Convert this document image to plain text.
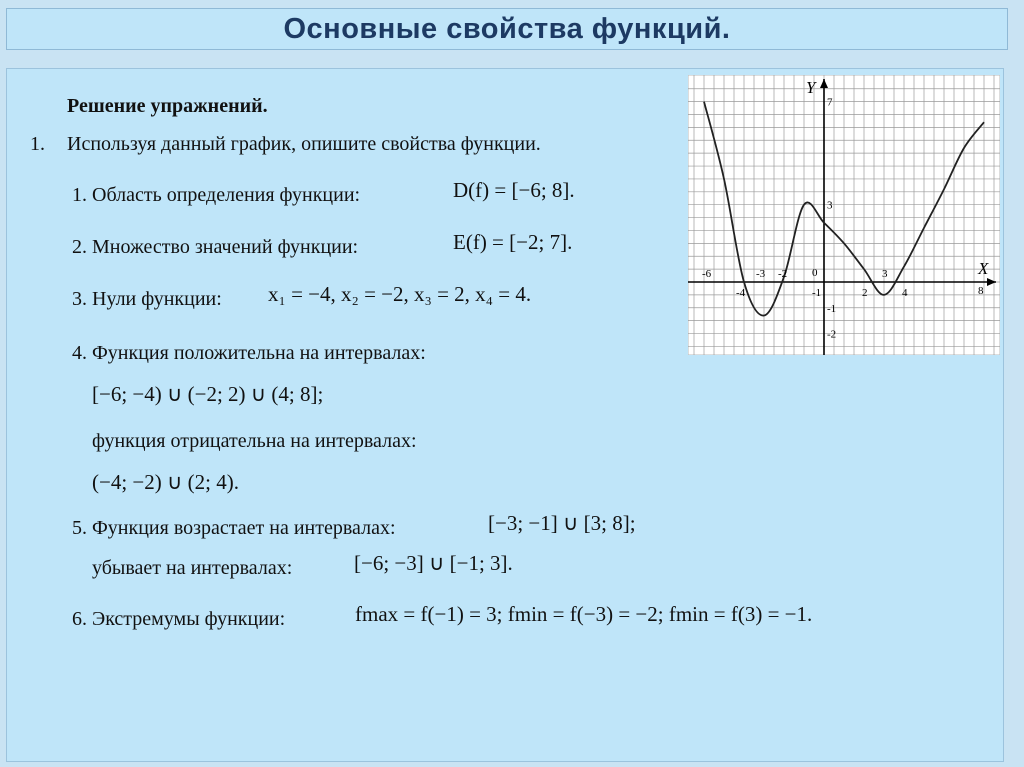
Основные свойства функций.
Решение упражнений.
1. Используя данный график, опишите свойства функции.
1. Область определения функции:	D(f) = [−6; 8].
2. Множество значений функции:	E(f) = [−2; 7].
3. Нули функции: x₁ = −4, x₂ = −2, x₃ = 2, x₄ = 4.
4. Функция положительна на интервалах:
[−6; −4) ∪ (−2; 2) ∪ (4; 8];
функция отрицательна на интервалах:
(−4; −2) ∪ (2; 4).
5. Функция возрастает на интервалах:	[−3; −1] ∪ [3; 8];
убывает на интервалах:	[−6; −3] ∪ [−1; 3].
6. Экстремумы функции:	fmax = f(−1) = 3; fmin = f(−3) = −2; fmin = f(3) = −1.
-6
-4
-3 -2 0
-1	2
3
4	8
7
3
-1
-2
X
Y
